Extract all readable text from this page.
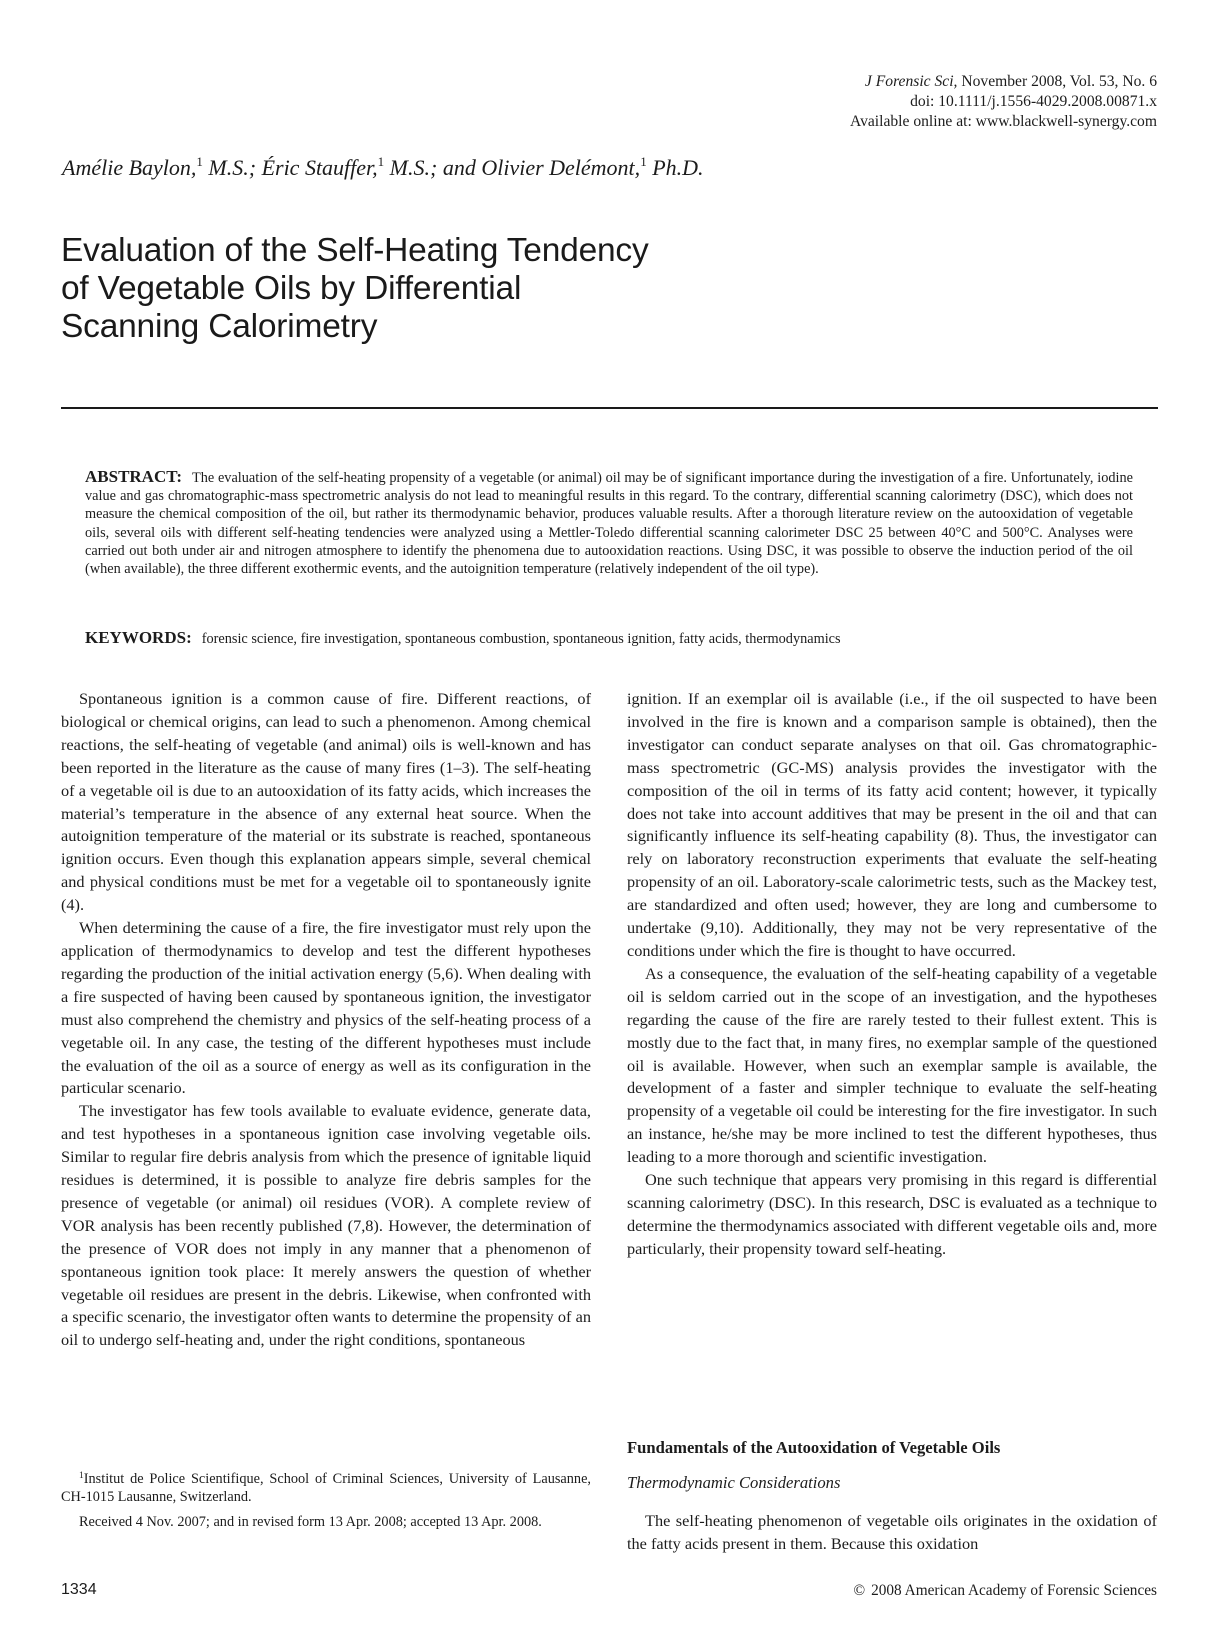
J Forensic Sci, November 2008, Vol. 53, No. 6
doi: 10.1111/j.1556-4029.2008.00871.x
Available online at: www.blackwell-synergy.com
Amélie Baylon,$^1$ M.S.; Éric Stauffer,$^1$ M.S.; and Olivier Delémont,$^1$ Ph.D.
Evaluation of the Self-Heating Tendency
of Vegetable Oils by Differential
Scanning Calorimetry
ABSTRACT: The evaluation of the self-heating propensity of a vegetable (or animal) oil may be of significant importance during the investigation of a fire. Unfortunately, iodine value and gas chromatographic-mass spectrometric analysis do not lead to meaningful results in this regard. To the contrary, differential scanning calorimetry (DSC), which does not measure the chemical composition of the oil, but rather its thermodynamic behavior, produces valuable results. After a thorough literature review on the autooxidation of vegetable oils, several oils with different self-heating tendencies were analyzed using a Mettler-Toledo differential scanning calorimeter DSC 25 between 40°C and 500°C. Analyses were carried out both under air and nitrogen atmosphere to identify the phenomena due to autooxidation reactions. Using DSC, it was possible to observe the induction period of the oil (when available), the three different exothermic events, and the autoignition temperature (relatively independent of the oil type).
KEYWORDS: forensic science, fire investigation, spontaneous combustion, spontaneous ignition, fatty acids, thermodynamics

Spontaneous ignition is a common cause of fire. Different reactions, of biological or chemical origins, can lead to such a phenomenon. Among chemical reactions, the self-heating of vegetable (and animal) oils is well-known and has been reported in the literature as the cause of many fires (1–3). The self-heating of a vegetable oil is due to an autooxidation of its fatty acids, which increases the material’s temperature in the absence of any external heat source. When the autoignition temperature of the material or its substrate is reached, spontaneous ignition occurs. Even though this explanation appears simple, several chemical and physical conditions must be met for a vegetable oil to spontaneously ignite (4).

When determining the cause of a fire, the fire investigator must rely upon the application of thermodynamics to develop and test the different hypotheses regarding the production of the initial activation energy (5,6). When dealing with a fire suspected of having been caused by spontaneous ignition, the investigator must also comprehend the chemistry and physics of the self-heating process of a vegetable oil. In any case, the testing of the different hypotheses must include the evaluation of the oil as a source of energy as well as its configuration in the particular scenario.

The investigator has few tools available to evaluate evidence, generate data, and test hypotheses in a spontaneous ignition case involving vegetable oils. Similar to regular fire debris analysis from which the presence of ignitable liquid residues is determined, it is possible to analyze fire debris samples for the presence of vegetable (or animal) oil residues (VOR). A complete review of VOR analysis has been recently published (7,8). However, the determination of the presence of VOR does not imply in any manner that a phenomenon of spontaneous ignition took place: It merely answers the question of whether vegetable oil residues are present in the debris. Likewise, when confronted with a specific scenario, the investigator often wants to determine the propensity of an oil to undergo self-heating and, under the right conditions, spontaneous

$^1$Institut de Police Scientifique, School of Criminal Sciences, University of Lausanne, CH-1015 Lausanne, Switzerland.

Received 4 Nov. 2007; and in revised form 13 Apr. 2008; accepted 13 Apr. 2008.

ignition. If an exemplar oil is available (i.e., if the oil suspected to have been involved in the fire is known and a comparison sample is obtained), then the investigator can conduct separate analyses on that oil. Gas chromatographic-mass spectrometric (GC-MS) analysis provides the investigator with the composition of the oil in terms of its fatty acid content; however, it typically does not take into account additives that may be present in the oil and that can significantly influence its self-heating capability (8). Thus, the investigator can rely on laboratory reconstruction experiments that evaluate the self-heating propensity of an oil. Laboratory-scale calorimetric tests, such as the Mackey test, are standardized and often used; however, they are long and cumbersome to undertake (9,10). Additionally, they may not be very representative of the conditions under which the fire is thought to have occurred.

As a consequence, the evaluation of the self-heating capability of a vegetable oil is seldom carried out in the scope of an investigation, and the hypotheses regarding the cause of the fire are rarely tested to their fullest extent. This is mostly due to the fact that, in many fires, no exemplar sample of the questioned oil is available. However, when such an exemplar sample is available, the development of a faster and simpler technique to evaluate the self-heating propensity of a vegetable oil could be interesting for the fire investigator. In such an instance, he/she may be more inclined to test the different hypotheses, thus leading to a more thorough and scientific investigation.

One such technique that appears very promising in this regard is differential scanning calorimetry (DSC). In this research, DSC is evaluated as a technique to determine the thermodynamics associated with different vegetable oils and, more particularly, their propensity toward self-heating.

Fundamentals of the Autooxidation of Vegetable Oils
Thermodynamic Considerations

The self-heating phenomenon of vegetable oils originates in the oxidation of the fatty acids present in them. Because this oxidation

1334	© 2008 American Academy of Forensic Sciences
